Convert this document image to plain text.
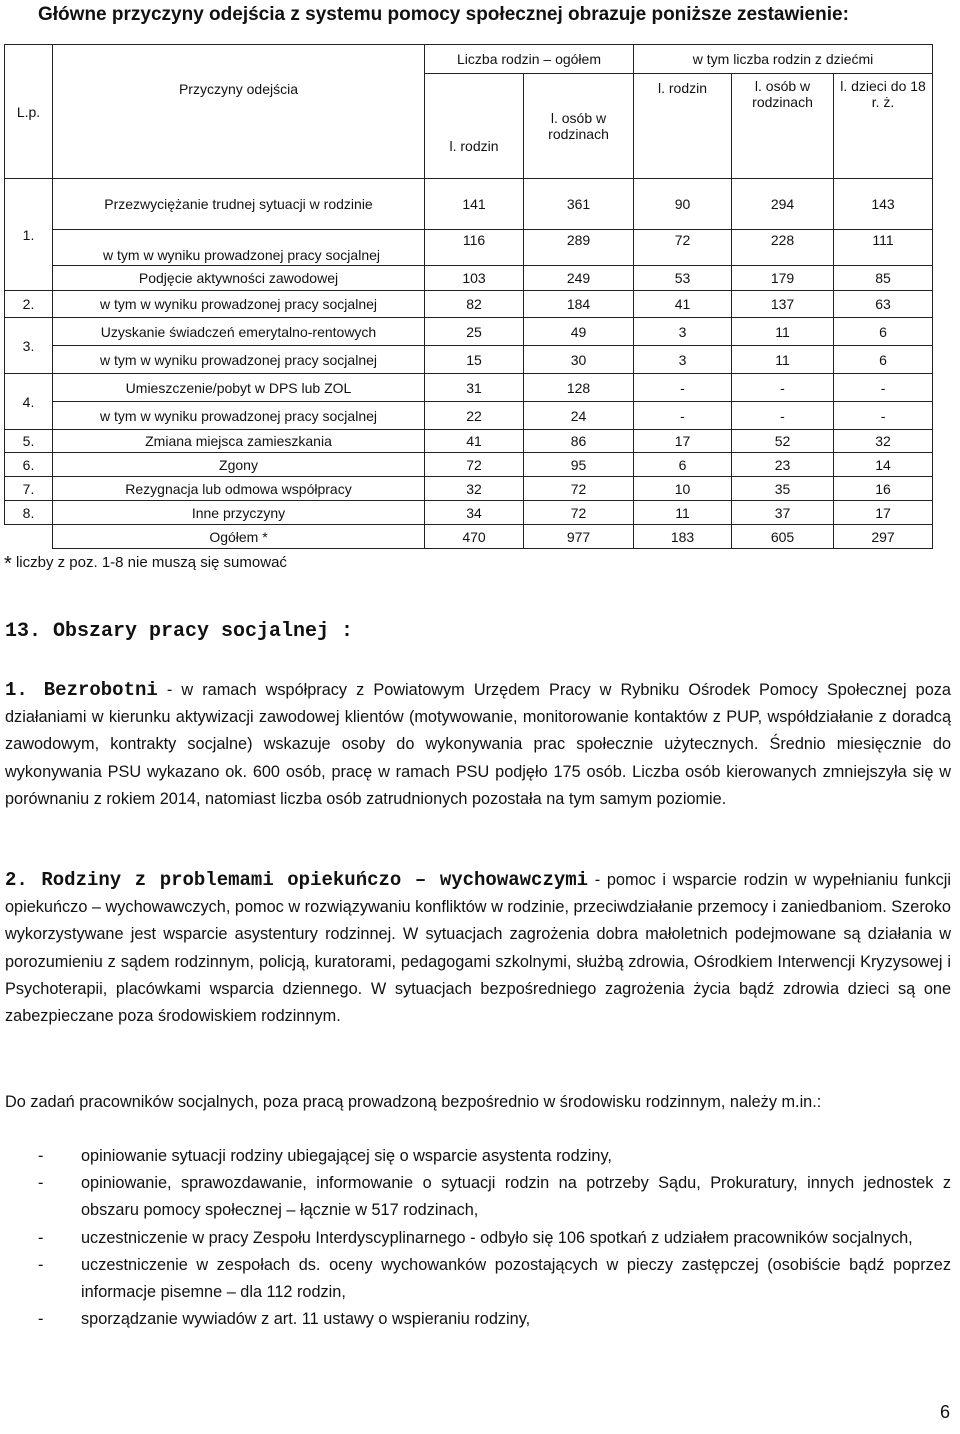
Główne przyczyny odejścia z systemu pomocy społecznej obrazuje poniższe zestawienie:
L.p.	Przyczyny odejścia	Liczba rodzin – ogółem		w tym liczba rodzin z dziećmi		
		l. rodzin	l. osób w rodzinach	l. rodzin	l. osób w rodzinach	l. dzieci do 18 r. ż.
1.	Przezwyciężanie trudnej sytuacji w rodzinie	141	361	90	294	143
	w tym w wyniku prowadzonej pracy socjalnej	116	289	72	228	111
	Podjęcie aktywności zawodowej	103	249	53	179	85
2.	w tym w wyniku prowadzonej pracy socjalnej	82	184	41	137	63
3.	Uzyskanie świadczeń emerytalno-rentowych	25	49	3	11	6
	w tym w wyniku prowadzonej pracy socjalnej	15	30	3	11	6
4.	Umieszczenie/pobyt w DPS lub ZOL	31	128	-	-	-
	w tym w wyniku prowadzonej pracy socjalnej	22	24	-	-	-
5.	Zmiana miejsca zamieszkania	41	86	17	52	32
6.	Zgony	72	95	6	23	14
7.	Rezygnacja lub odmowa współpracy	32	72	10	35	16
8.	Inne przyczyny	34	72	11	37	17
	Ogółem *	470	977	183	605	297
* liczby z poz. 1-8 nie muszą się sumować
13. Obszary pracy socjalnej :

1. Bezrobotni - w ramach współpracy z Powiatowym Urzędem Pracy w Rybniku Ośrodek Pomocy Społecznej poza działaniami w kierunku aktywizacji zawodowej klientów (motywowanie, monitorowanie kontaktów z PUP, współdziałanie z doradcą zawodowym, kontrakty socjalne) wskazuje osoby do wykonywania prac społecznie użytecznych. Średnio miesięcznie do wykonywania PSU wykazano ok. 600 osób, pracę w ramach PSU podjęło 175 osób. Liczba osób kierowanych zmniejszyła się w porównaniu z rokiem 2014, natomiast liczba osób zatrudnionych pozostała na tym samym poziomie.

2. Rodziny z problemami opiekuńczo – wychowawczymi - pomoc i wsparcie rodzin w wypełnianiu funkcji opiekuńczo – wychowawczych, pomoc w rozwiązywaniu konfliktów w rodzinie, przeciwdziałanie przemocy i zaniedbaniom. Szeroko wykorzystywane jest wsparcie asystentury rodzinnej. W sytuacjach zagrożenia dobra małoletnich podejmowane są działania w porozumieniu z sądem rodzinnym, policją, kuratorami, pedagogami szkolnymi, służbą zdrowia, Ośrodkiem Interwencji Kryzysowej i Psychoterapii, placówkami wsparcia dziennego. W sytuacjach bezpośredniego zagrożenia życia bądź zdrowia dzieci są one zabezpieczane poza środowiskiem rodzinnym.

Do zadań pracowników socjalnych, poza pracą prowadzoną bezpośrednio w środowisku rodzinnym, należy m.in.:

- opiniowanie sytuacji rodziny ubiegającej się o wsparcie asystenta rodziny,
- opiniowanie, sprawozdawanie, informowanie o sytuacji rodzin na potrzeby Sądu, Prokuratury, innych jednostek z obszaru pomocy społecznej – łącznie w 517 rodzinach,
- uczestniczenie w pracy Zespołu Interdyscyplinarnego - odbyło się 106 spotkań z udziałem pracowników socjalnych,
- uczestniczenie w zespołach ds. oceny wychowanków pozostających w pieczy zastępczej (osobiście bądź poprzez informacje pisemne – dla 112 rodzin,
- sporządzanie wywiadów z art. 11 ustawy o wspieraniu rodziny,
6
